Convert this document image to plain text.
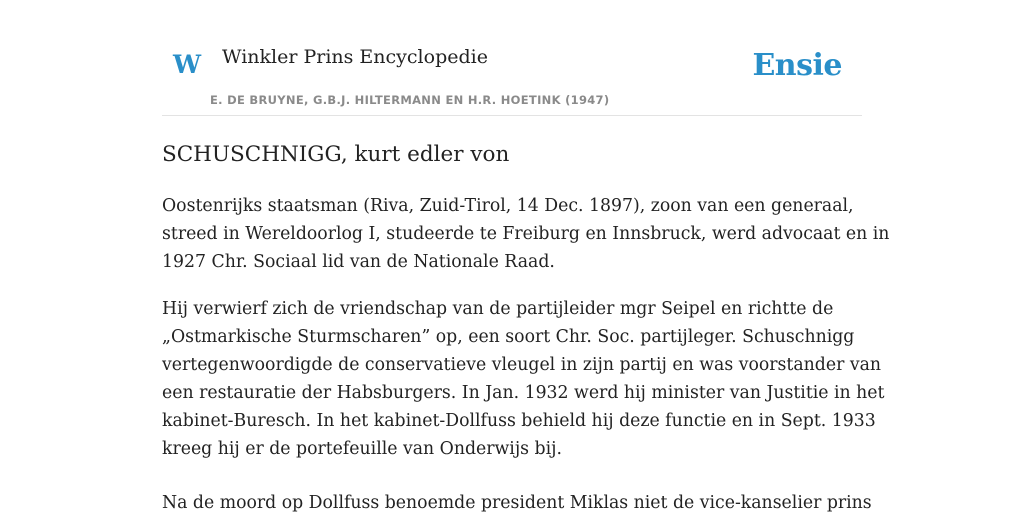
W Winkler Prins Encyclopedie
E. DE BRUYNE, G.B.J. HILTERMANN EN H.R. HOETINK (1947)
Ensie
SCHUSCHNIGG, kurt edler von

Oostenrijks staatsman (Riva, Zuid-Tirol, 14 Dec. 1897), zoon van een generaal,
streed in Wereldoorlog I, studeerde te Freiburg en Innsbruck, werd advocaat en in
1927 Chr. Sociaal lid van de Nationale Raad.

Hij verwierf zich de vriendschap van de partijleider mgr Seipel en richtte de
„Ostmarkische Sturmscharen” op, een soort Chr. Soc. partijleger. Schuschnigg
vertegenwoordigde de conservatieve vleugel in zijn partij en was voorstander van
een restauratie der Habsburgers. In Jan. 1932 werd hij minister van Justitie in het
kabinet-Buresch. In het kabinet-Dollfuss behield hij deze functie en in Sept. 1933
kreeg hij er de portefeuille van Onderwijs bij.

Na de moord op Dollfuss benoemde president Miklas niet de vice-kanselier prins
